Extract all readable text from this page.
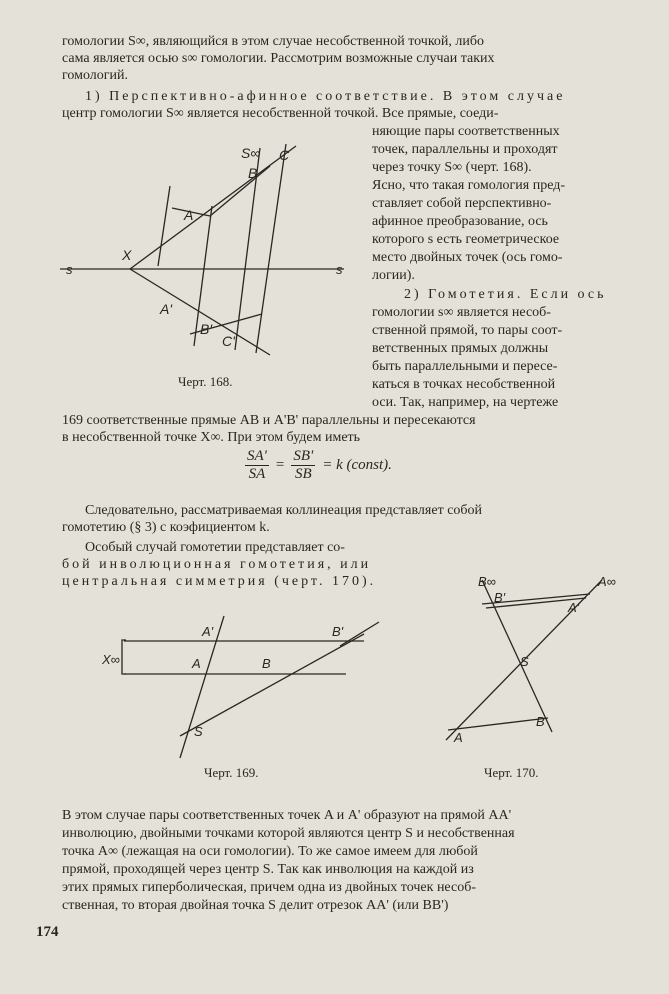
гомологии S∞, являющийся в этом случае несобственной точкой, либо
сама является осью s∞ гомологии. Рассмотрим возможные случаи таких
гомологий.
1) Перспективно-афинное соответствие. В этом случае
центр гомологии S∞ является несобственной точкой. Все прямые, соеди-
няющие пары соответственных
точек, параллельны и проходят
через точку S∞ (черт. 168).
Ясно, что такая гомология пред-
ставляет собой перспективно-
афинное преобразование, ось
которого s есть геометрическое
место двойных точек (ось гомо-
логии).
2) Гомотетия. Если ось
гомологии s∞ является несоб-
ственной прямой, то пары соот-
ветственных прямых должны
быть параллельными и пересе-
каться в точках несобственной
оси. Так, например, на чертеже
169 соответственные прямые AB и A'B' параллельны и пересекаются
в несобственной точке X∞. При этом будем иметь
$\frac{SA'}{SA} = \frac{SB'}{SB} = k$ (const).
Следовательно, рассматриваемая коллинеация представляет собой
гомотетию (§ 3) с коэфициентом k.
Особый случай гомотетии представляет со-
бой инволюционная гомотетия, или
центральная симметрия (черт. 170).
В этом случае пары соответственных точек A и A' образуют на прямой AA'
инволюцию, двойными точками которой являются центр S и несобственная
точка A∞ (лежащая на оси гомологии). То же самое имеем для любой
прямой, проходящей через центр S. Так как инволюция на каждой из
этих прямых гиперболическая, причем одна из двойных точек несоб-
ственная, то вторая двойная точка S делит отрезок AA' (или BB')
174
Черт. 168.
Черт. 169.	Черт. 170.
S∞ C
B
A
X
s	s
A'
B'
C'
X∞
A'	B'
A	B
S
B∞	A∞
B'
A'
S
B
A
